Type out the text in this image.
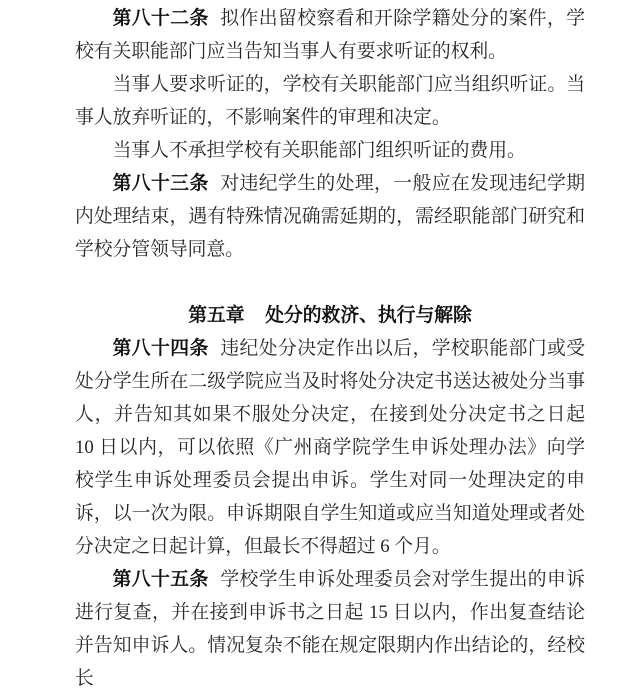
第八十二条 拟作出留校察看和开除学籍处分的案件，学校有关职能部门应当告知当事人有要求听证的权利。

当事人要求听证的，学校有关职能部门应当组织听证。当事人放弃听证的，不影响案件的审理和决定。

当事人不承担学校有关职能部门组织听证的费用。

第八十三条 对违纪学生的处理，一般应在发现违纪学期内处理结束，遇有特殊情况确需延期的，需经职能部门研究和学校分管领导同意。

第五章 处分的救济、执行与解除

第八十四条 违纪处分决定作出以后，学校职能部门或受处分学生所在二级学院应当及时将处分决定书送达被处分当事人，并告知其如果不服处分决定，在接到处分决定书之日起 10 日以内，可以依照《广州商学院学生申诉处理办法》向学校学生申诉处理委员会提出申诉。学生对同一处理决定的申诉，以一次为限。申诉期限自学生知道或应当知道处理或者处分决定之日起计算，但最长不得超过 6 个月。

第八十五条 学校学生申诉处理委员会对学生提出的申诉进行复查，并在接到申诉书之日起 15 日以内，作出复查结论并告知申诉人。情况复杂不能在规定限期内作出结论的，经校长
